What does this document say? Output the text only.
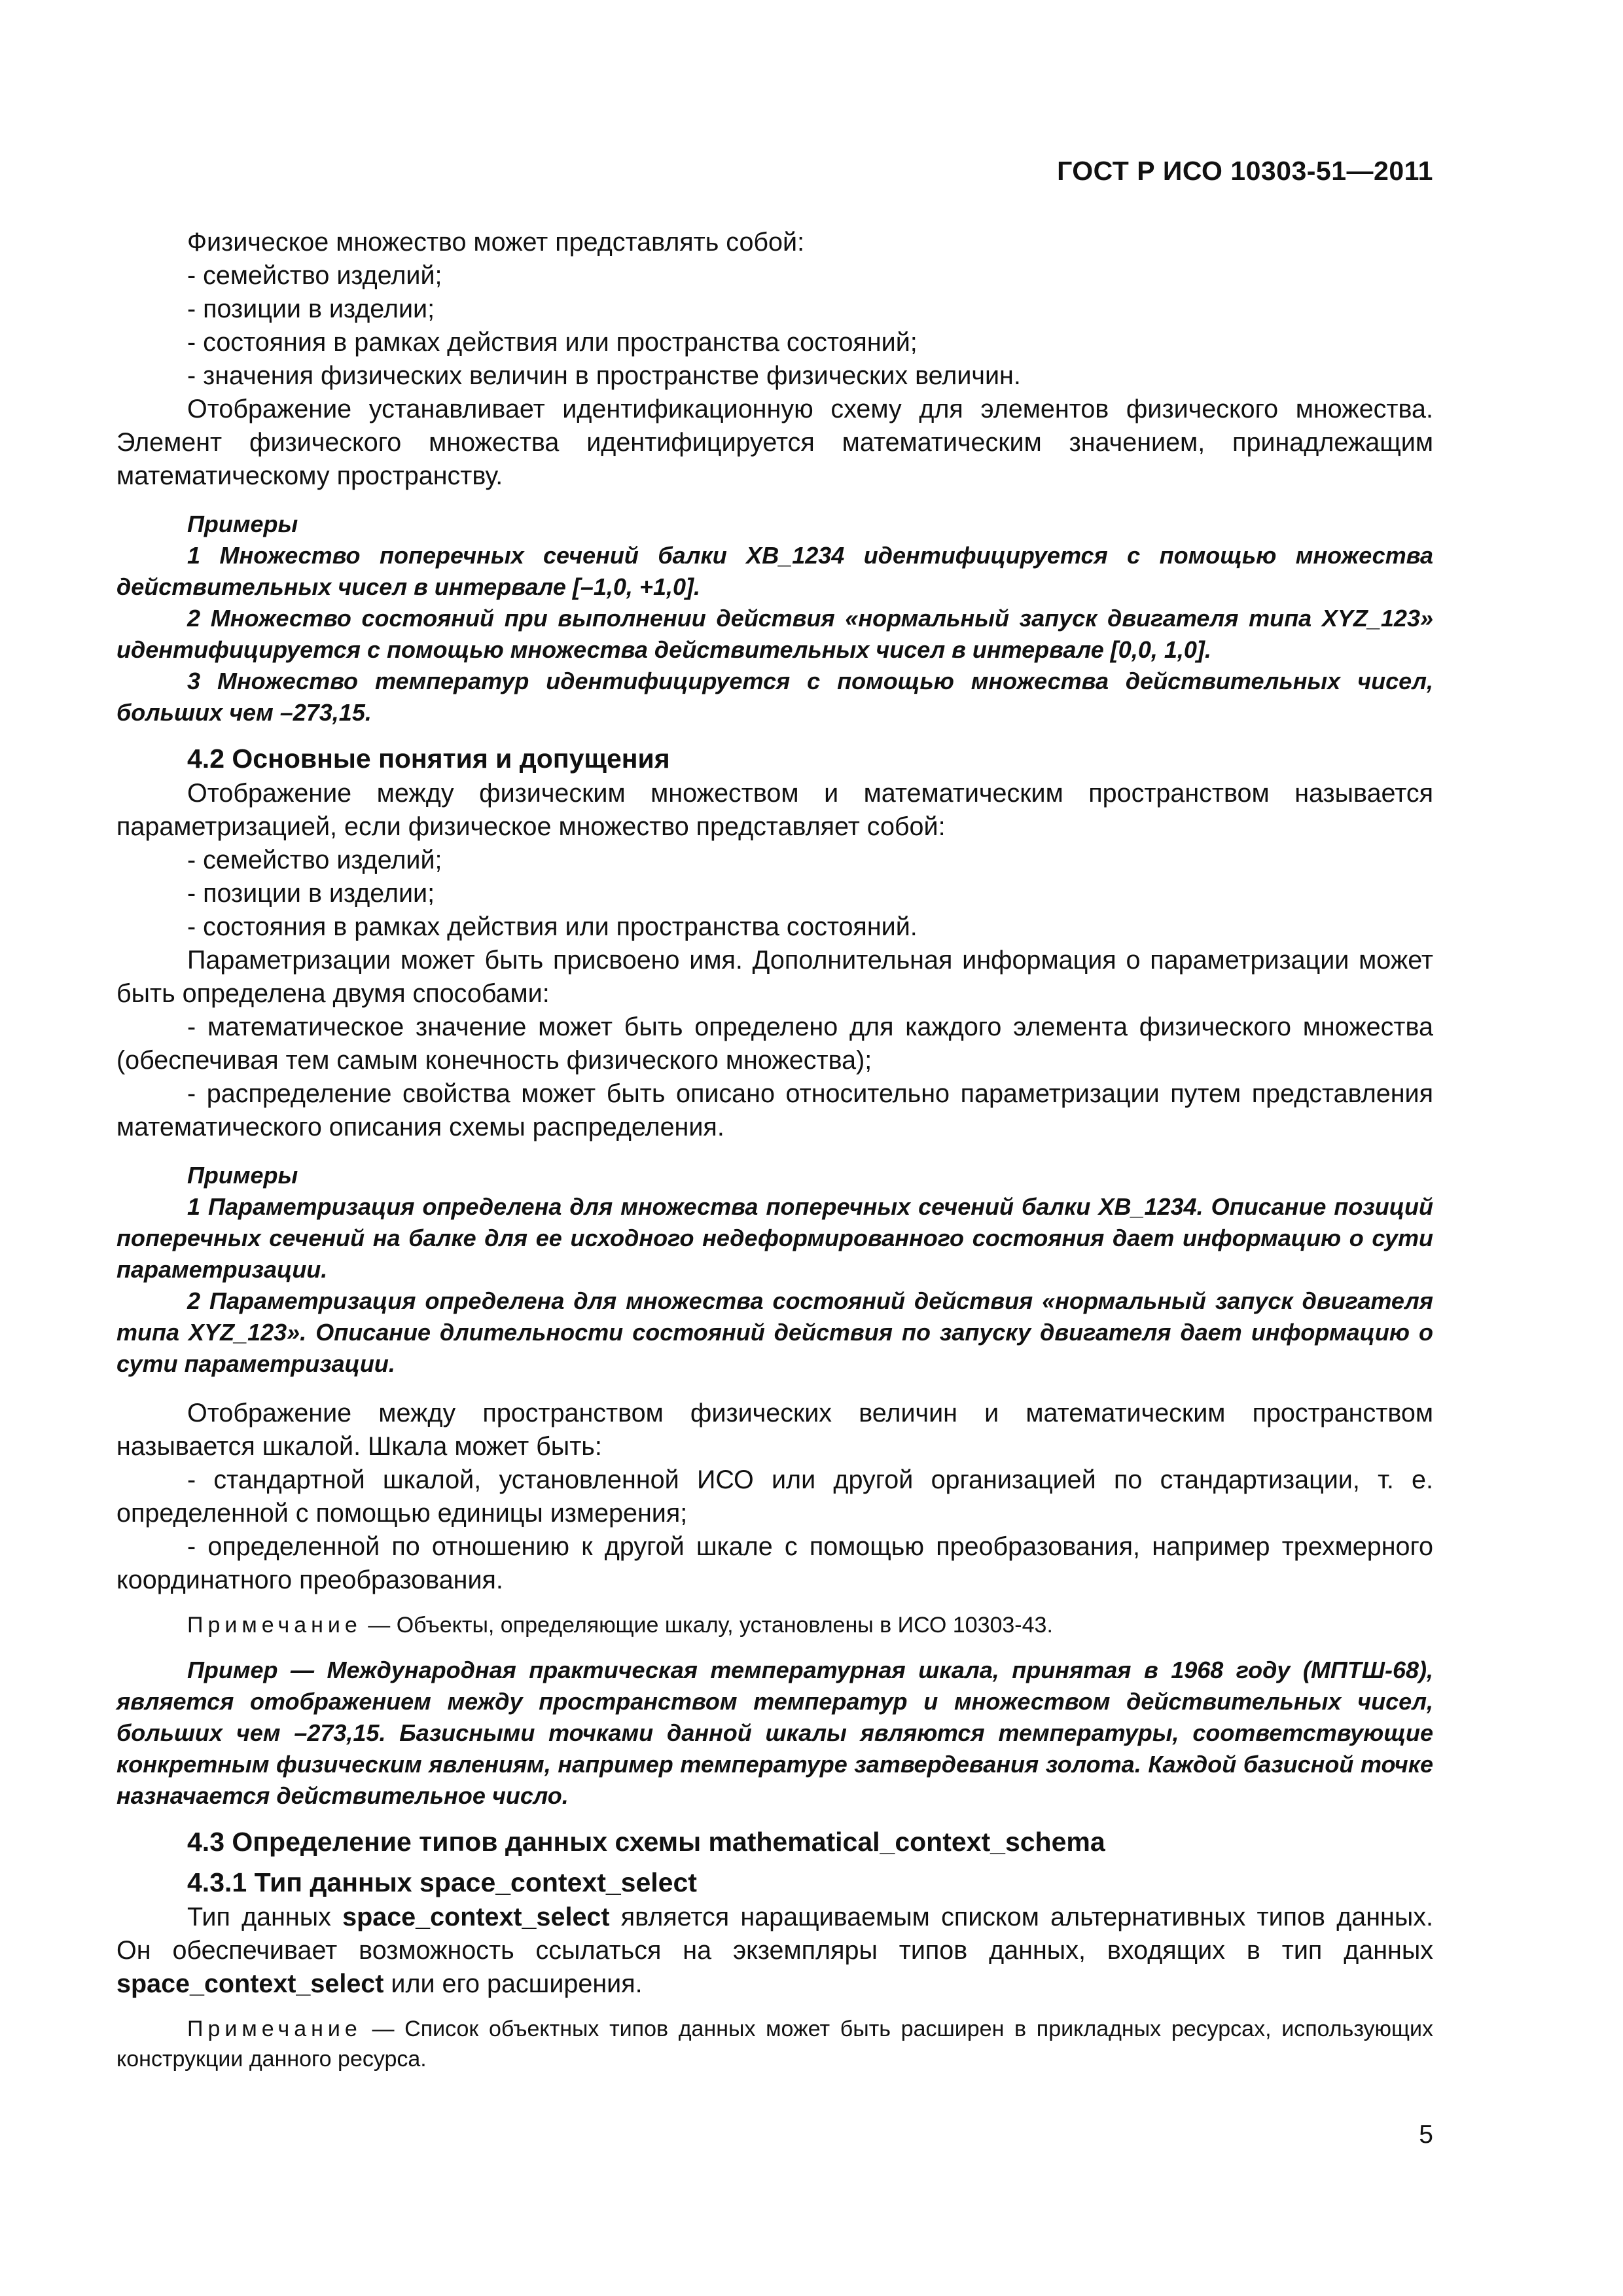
ГОСТ Р ИСО 10303-51—2011

Физическое множество может представлять собой:

- семейство изделий;

- позиции в изделии;

- состояния в рамках действия или пространства состояний;

- значения физических величин в пространстве физических величин.

Отображение устанавливает идентификационную схему для элементов физического множества. Элемент физического множества идентифицируется математическим значением, принадлежащим математическому пространству.

Примеры

1 Множество поперечных сечений балки XB_1234 идентифицируется с помощью множества действительных чисел в интервале [–1,0, +1,0].

2 Множество состояний при выполнении действия «нормальный запуск двигателя типа XYZ_123» идентифицируется с помощью множества действительных чисел в интервале [0,0, 1,0].

3 Множество температур идентифицируется с помощью множества действительных чисел, больших чем –273,15.

4.2 Основные понятия и допущения

Отображение между физическим множеством и математическим пространством называется параметризацией, если физическое множество представляет собой:

- семейство изделий;

- позиции в изделии;

- состояния в рамках действия или пространства состояний.

Параметризации может быть присвоено имя. Дополнительная информация о параметризации может быть определена двумя способами:

- математическое значение может быть определено для каждого элемента физического множества (обеспечивая тем самым конечность физического множества);

- распределение свойства может быть описано относительно параметризации путем представления математического описания схемы распределения.

Примеры

1 Параметризация определена для множества поперечных сечений балки XB_1234. Описание позиций поперечных сечений на балке для ее исходного недеформированного состояния дает информацию о сути параметризации.

2 Параметризация определена для множества состояний действия «нормальный запуск двигателя типа XYZ_123». Описание длительности состояний действия по запуску двигателя дает информацию о сути параметризации.

Отображение между пространством физических величин и математическим пространством называется шкалой. Шкала может быть:

- стандартной шкалой, установленной ИСО или другой организацией по стандартизации, т. е. определенной с помощью единицы измерения;

- определенной по отношению к другой шкале с помощью преобразования, например трехмерного координатного преобразования.

Примечание — Объекты, определяющие шкалу, установлены в ИСО 10303-43.

Пример — Международная практическая температурная шкала, принятая в 1968 году (МПТШ-68), является отображением между пространством температур и множеством действительных чисел, больших чем –273,15. Базисными точками данной шкалы являются температуры, соответствующие конкретным физическим явлениям, например температуре затвердевания золота. Каждой базисной точке назначается действительное число.

4.3 Определение типов данных схемы mathematical_context_schema

4.3.1 Тип данных space_context_select

Тип данных space_context_select является наращиваемым списком альтернативных типов данных. Он обеспечивает возможность ссылаться на экземпляры типов данных, входящих в тип данных space_context_select или его расширения.

Примечание — Список объектных типов данных может быть расширен в прикладных ресурсах, использующих конструкции данного ресурса.

5
